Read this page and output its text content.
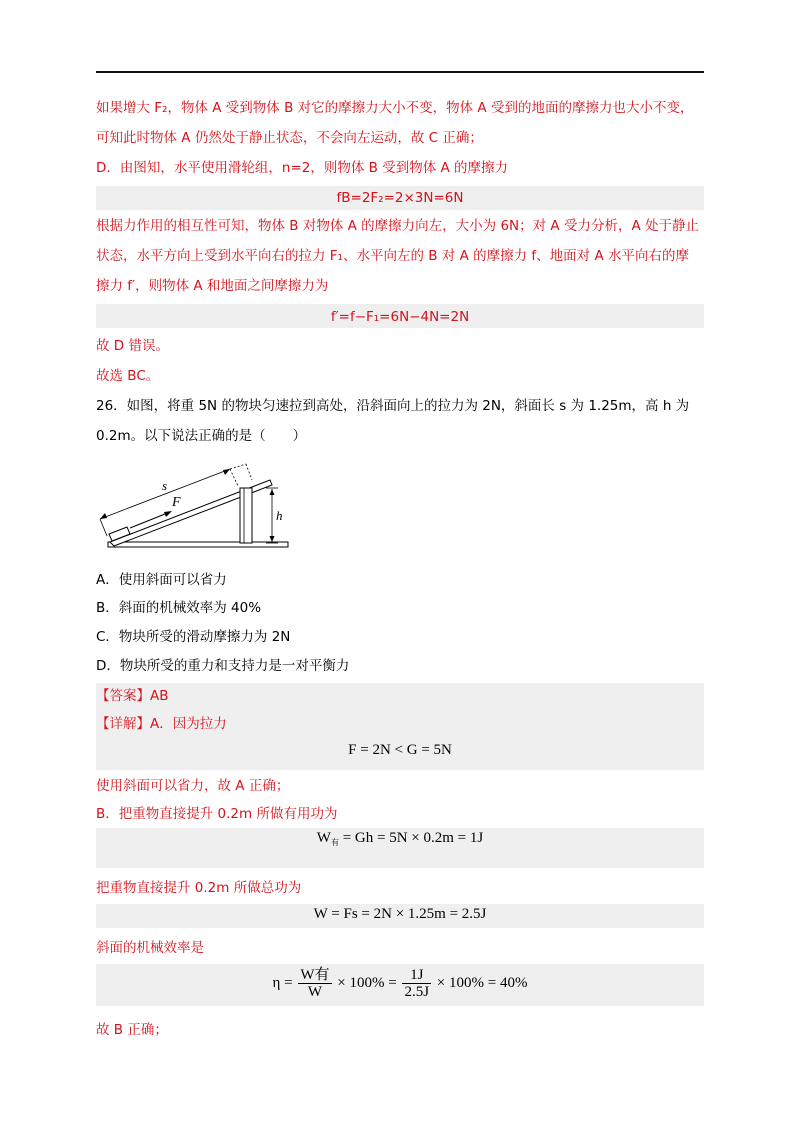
如果增大 F₂，物体 A 受到物体 B 对它的摩擦力大小不变，物体 A 受到的地面的摩擦力也大小不变，
可知此时物体 A 仍然处于静止状态，不会向左运动，故 C 正确；
D．由图知，水平使用滑轮组，n=2，则物体 B 受到物体 A 的摩擦力
fB=2F₂=2×3N=6N
根据力作用的相互性可知，物体 B 对物体 A 的摩擦力向左，大小为 6N；对 A 受力分析，A 处于静止
状态，水平方向上受到水平向右的拉力 F₁、水平向左的 B 对 A 的摩擦力 f、地面对 A 水平向右的摩
擦力 f′，则物体 A 和地面之间摩擦力为
f′=f−F₁=6N−4N=2N
故 D 错误。
故选 BC。
26．如图，将重 5N 的物块匀速拉到高处，沿斜面向上的拉力为 2N，斜面长 s 为 1.25m，高 h 为
0.2m。以下说法正确的是（　　）
h
s
F
A．使用斜面可以省力
B．斜面的机械效率为 40%
C．物块所受的滑动摩擦力为 2N
D．物块所受的重力和支持力是一对平衡力
【答案】AB
【详解】A．因为拉力
F = 2N < G = 5N
使用斜面可以省力，故 A 正确；
B．把重物直接提升 0.2m 所做有用功为
$W_有 = Gh = 5N \times 0.2m = 1J$
把重物直接提升 0.2m 所做总功为
W = Fs = 2N × 1.25m = 2.5J
斜面的机械效率是
$\eta = \frac{\text{W有}}{W} \times 100\% = \frac{1J}{2.5J} \times 100\% = 40\%$
故 B 正确；
